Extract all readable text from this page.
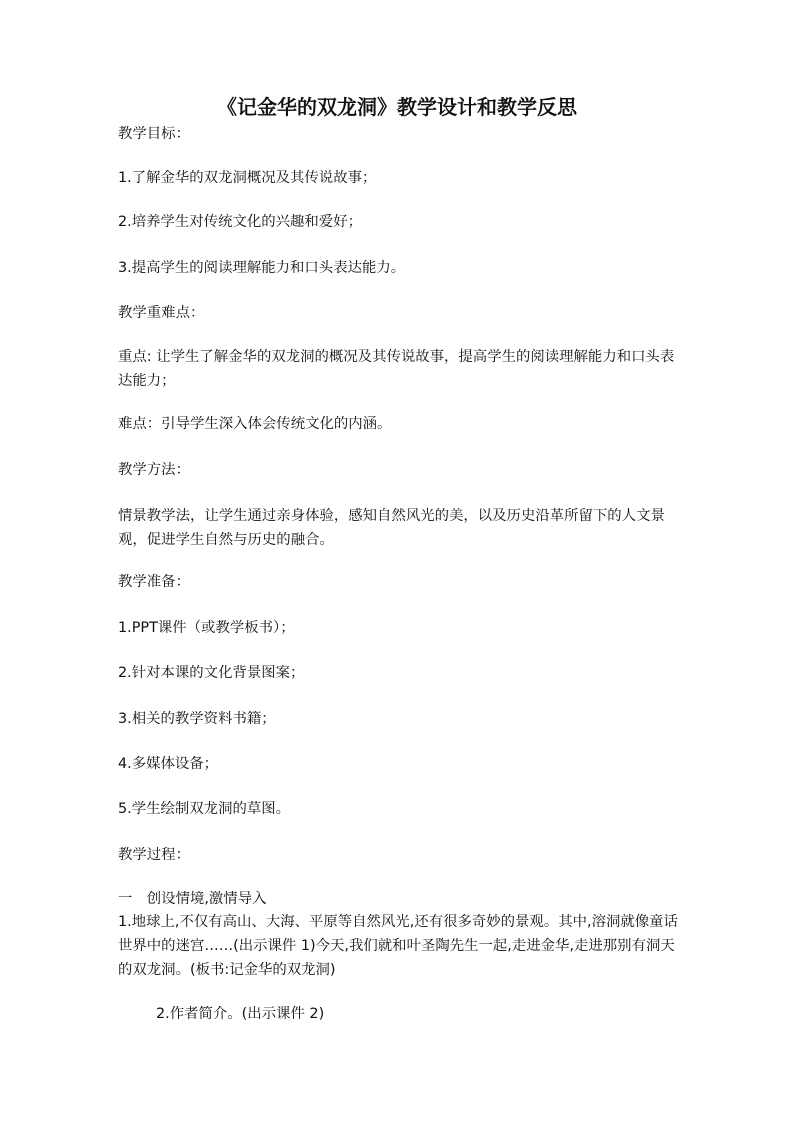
《记金华的双龙洞》教学设计和教学反思
教学目标：
1.了解金华的双龙洞概况及其传说故事；
2.培养学生对传统文化的兴趣和爱好；
3.提高学生的阅读理解能力和口头表达能力。
教学重难点：
重点: 让学生了解金华的双龙洞的概况及其传说故事，提高学生的阅读理解能力和口头表达能力；
难点：引导学生深入体会传统文化的内涵。
教学方法：
情景教学法，让学生通过亲身体验，感知自然风光的美，以及历史沿革所留下的人文景观，促进学生自然与历史的融合。
教学准备：
1.PPT课件（或教学板书）；
2.针对本课的文化背景图案；
3.相关的教学资料书籍；
4.多媒体设备；
5.学生绘制双龙洞的草图。
教学过程：
一　创设情境,激情导入
1.地球上,不仅有高山、大海、平原等自然风光,还有很多奇妙的景观。其中,溶洞就像童话世界中的迷宫……(出示课件 1)今天,我们就和叶圣陶先生一起,走进金华,走进那别有洞天的双龙洞。(板书:记金华的双龙洞)
2.作者简介。(出示课件 2)
